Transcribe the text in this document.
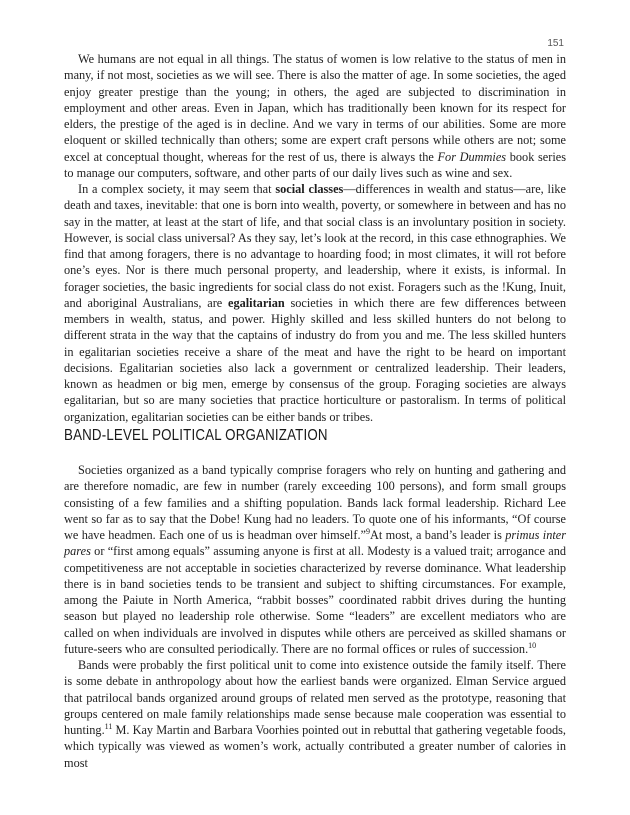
151

We humans are not equal in all things. The status of women is low relative to the status of men in many, if not most, societies as we will see. There is also the matter of age. In some societies, the aged enjoy greater prestige than the young; in others, the aged are subjected to discrimination in employment and other areas. Even in Japan, which has traditionally been known for its respect for elders, the prestige of the aged is in decline. And we vary in terms of our abilities. Some are more eloquent or skilled technically than others; some are expert craft persons while others are not; some excel at conceptual thought, whereas for the rest of us, there is always the For Dummies book series to manage our computers, software, and other parts of our daily lives such as wine and sex.

In a complex society, it may seem that social classes—differences in wealth and status—are, like death and taxes, inevitable: that one is born into wealth, poverty, or somewhere in between and has no say in the matter, at least at the start of life, and that social class is an involuntary position in society. However, is social class universal? As they say, let’s look at the record, in this case ethnographies. We find that among foragers, there is no advantage to hoarding food; in most climates, it will rot before one’s eyes. Nor is there much personal property, and leadership, where it exists, is informal. In forager societies, the basic ingredients for social class do not exist. Foragers such as the !Kung, Inuit, and aboriginal Australians, are egalitarian societies in which there are few differences between members in wealth, status, and power. Highly skilled and less skilled hunters do not belong to different strata in the way that the captains of industry do from you and me. The less skilled hunters in egalitarian societies receive a share of the meat and have the right to be heard on important decisions. Egalitarian societies also lack a government or centralized leadership. Their leaders, known as headmen or big men, emerge by consensus of the group. Foraging societies are always egalitarian, but so are many societies that practice horticulture or pastoralism. In terms of political organization, egalitarian societies can be either bands or tribes.

BAND-LEVEL POLITICAL ORGANIZATION

Societies organized as a band typically comprise foragers who rely on hunting and gathering and are therefore nomadic, are few in number (rarely exceeding 100 persons), and form small groups consisting of a few families and a shifting population. Bands lack formal leadership. Richard Lee went so far as to say that the Dobe! Kung had no leaders. To quote one of his informants, “Of course we have headmen. Each one of us is headman over himself.”$^9$At most, a band’s leader is primus inter pares or “first among equals” assuming anyone is first at all. Modesty is a valued trait; arrogance and competitiveness are not acceptable in societies characterized by reverse dominance. What leadership there is in band societies tends to be transient and subject to shifting circumstances. For example, among the Paiute in North America, “rabbit bosses” coordinated rabbit drives during the hunting season but played no leadership role otherwise. Some “leaders” are excellent mediators who are called on when individuals are involved in disputes while others are perceived as skilled shamans or future-seers who are consulted periodically. There are no formal offices or rules of succession.$^{10}$

Bands were probably the first political unit to come into existence outside the family itself. There is some debate in anthropology about how the earliest bands were organized. Elman Service argued that patrilocal bands organized around groups of related men served as the prototype, reasoning that groups centered on male family relationships made sense because male cooperation was essential to hunting.$^{11}$ M. Kay Martin and Barbara Voorhies pointed out in rebuttal that gathering vegetable foods, which typically was viewed as women’s work, actually contributed a greater number of calories in most
